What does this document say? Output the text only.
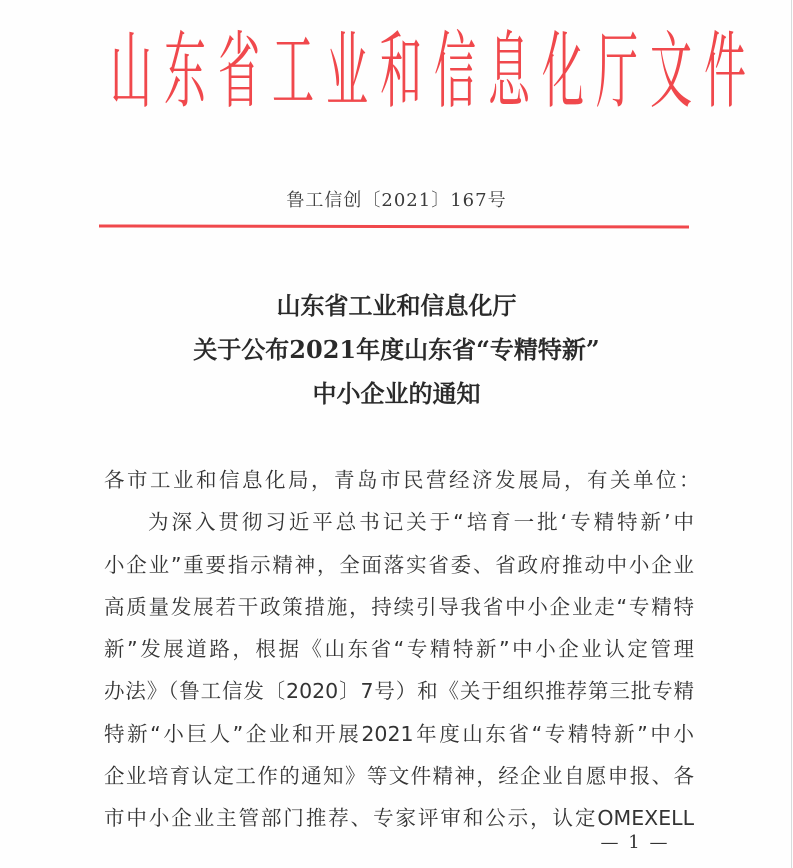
山 东 省 工 业 和 信 息 化 厅 文 件
鲁工信创〔2021〕167号
山东省工业和信息化厅
关于公布2021年度山东省“专精特新”
中小企业的通知
各市工业和信息化局，青岛市民营经济发展局，有关单位：
为深入贯彻习近平总书记关于“培育一批‘专精特新’中
小企业”重要指示精神，全面落实省委、省政府推动中小企业
高质量发展若干政策措施，持续引导我省中小企业走“专精特
新”发展道路，根据《山东省“专精特新”中小企业认定管理
办法》（鲁工信发〔2020〕7号）和《关于组织推荐第三批专精
特新“小巨人”企业和开展2021年度山东省“专精特新”中小
企业培育认定工作的通知》等文件精神，经企业自愿申报、各
市中小企业主管部门推荐、专家评审和公示，认定OMEXELL
— 1 —
